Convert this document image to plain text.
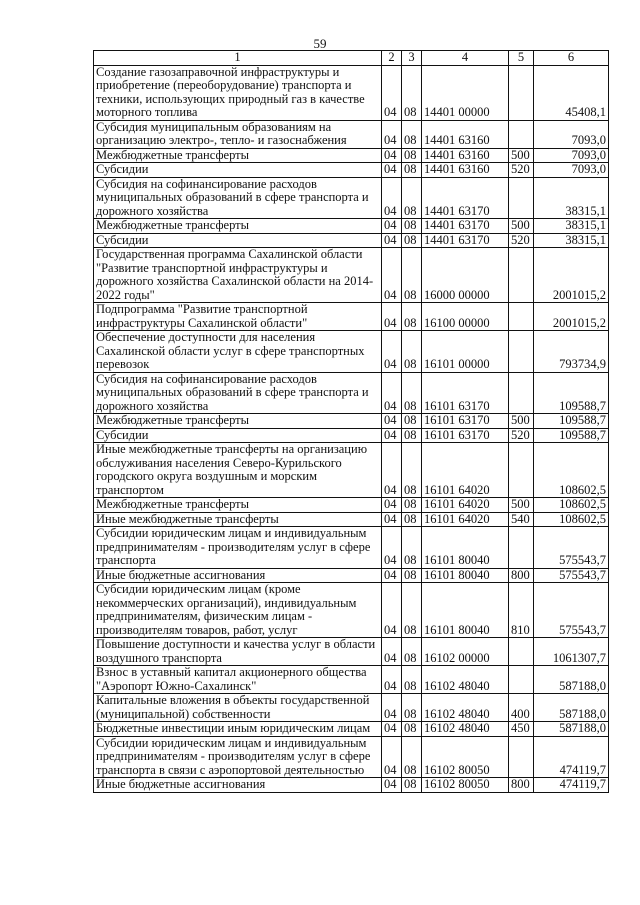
59
1	2	3	4	5	6
Создание газозаправочной инфраструктуры и приобретение (переоборудование) транспорта и техники, использующих природный газ в качестве моторного топлива	04	08	14401 00000		45408,1
Субсидия муниципальным образованиям на организацию электро-, тепло- и газоснабжения	04	08	14401 63160		7093,0
Межбюджетные трансферты	04	08	14401 63160	500	7093,0
Субсидии	04	08	14401 63160	520	7093,0
Субсидия на софинансирование расходов муниципальных образований в сфере транспорта и дорожного хозяйства	04	08	14401 63170		38315,1
Межбюджетные трансферты	04	08	14401 63170	500	38315,1
Субсидии	04	08	14401 63170	520	38315,1
Государственная программа Сахалинской области "Развитие транспортной инфраструктуры и дорожного хозяйства Сахалинской области на 2014-2022 годы"	04	08	16000 00000		2001015,2
Подпрограмма "Развитие транспортной инфраструктуры Сахалинской области"	04	08	16100 00000		2001015,2
Обеспечение доступности для населения Сахалинской области услуг в сфере транспортных перевозок	04	08	16101 00000		793734,9
Субсидия на софинансирование расходов муниципальных образований в сфере транспорта и дорожного хозяйства	04	08	16101 63170		109588,7
Межбюджетные трансферты	04	08	16101 63170	500	109588,7
Субсидии	04	08	16101 63170	520	109588,7
Иные межбюджетные трансферты на организацию обслуживания населения Северо-Курильского городского округа воздушным и морским транспортом	04	08	16101 64020		108602,5
Межбюджетные трансферты	04	08	16101 64020	500	108602,5
Иные межбюджетные трансферты	04	08	16101 64020	540	108602,5
Субсидии юридическим лицам и индивидуальным предпринимателям - производителям услуг в сфере транспорта	04	08	16101 80040		575543,7
Иные бюджетные ассигнования	04	08	16101 80040	800	575543,7
Субсидии юридическим лицам (кроме некоммерческих организаций), индивидуальным предпринимателям, физическим лицам - производителям товаров, работ, услуг	04	08	16101 80040	810	575543,7
Повышение доступности и качества услуг в области воздушного транспорта	04	08	16102 00000		1061307,7
Взнос в уставный капитал акционерного общества "Аэропорт Южно-Сахалинск"	04	08	16102 48040		587188,0
Капитальные вложения в объекты государственной (муниципальной) собственности	04	08	16102 48040	400	587188,0
Бюджетные инвестиции иным юридическим лицам	04	08	16102 48040	450	587188,0
Субсидии юридическим лицам и индивидуальным предпринимателям - производителям услуг в сфере транспорта в связи с аэропортовой деятельностью	04	08	16102 80050		474119,7
Иные бюджетные ассигнования	04	08	16102 80050	800	474119,7
